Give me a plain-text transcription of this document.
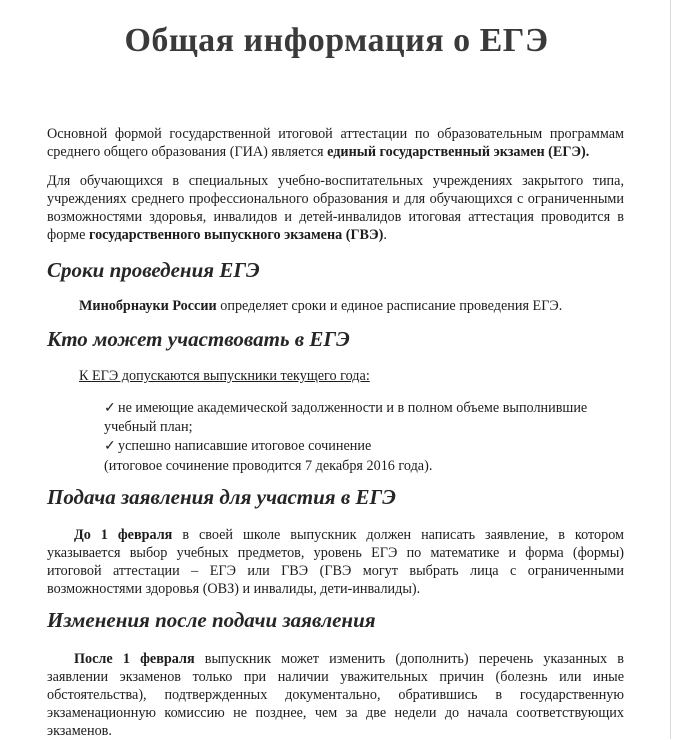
Общая информация о ЕГЭ

Основной формой государственной итоговой аттестации по образовательным программам среднего общего образования (ГИА) является единый государственный экзамен (ЕГЭ).

Для обучающихся в специальных учебно-воспитательных учреждениях закрытого типа, учреждениях среднего профессионального образования и для обучающихся с ограниченными возможностями здоровья, инвалидов и детей-инвалидов итоговая аттестация проводится в форме государственного выпускного экзамена (ГВЭ).

Сроки проведения ЕГЭ

Минобрнауки России определяет сроки и единое расписание проведения ЕГЭ.

Кто может участвовать в ЕГЭ

К ЕГЭ допускаются выпускники текущего года:

✓ не имеющие академической задолженности и в полном объеме выполнившие

учебный план;

✓ успешно написавшие итоговое сочинение

(итоговое сочинение проводится 7 декабря 2016 года).

Подача заявления для участия в ЕГЭ

До 1 февраля в своей школе выпускник должен написать заявление, в котором указывается выбор учебных предметов, уровень ЕГЭ по математике и форма (формы) итоговой аттестации – ЕГЭ или ГВЭ (ГВЭ могут выбрать лица с ограниченными возможностями здоровья (ОВЗ) и инвалиды, дети-инвалиды).

Изменения после подачи заявления

После 1 февраля выпускник может изменить (дополнить) перечень указанных в заявлении экзаменов только при наличии уважительных причин (болезнь или иные обстоятельства), подтвержденных документально, обратившись в государственную экзаменационную комиссию не позднее, чем за две недели до начала соответствующих экзаменов.
